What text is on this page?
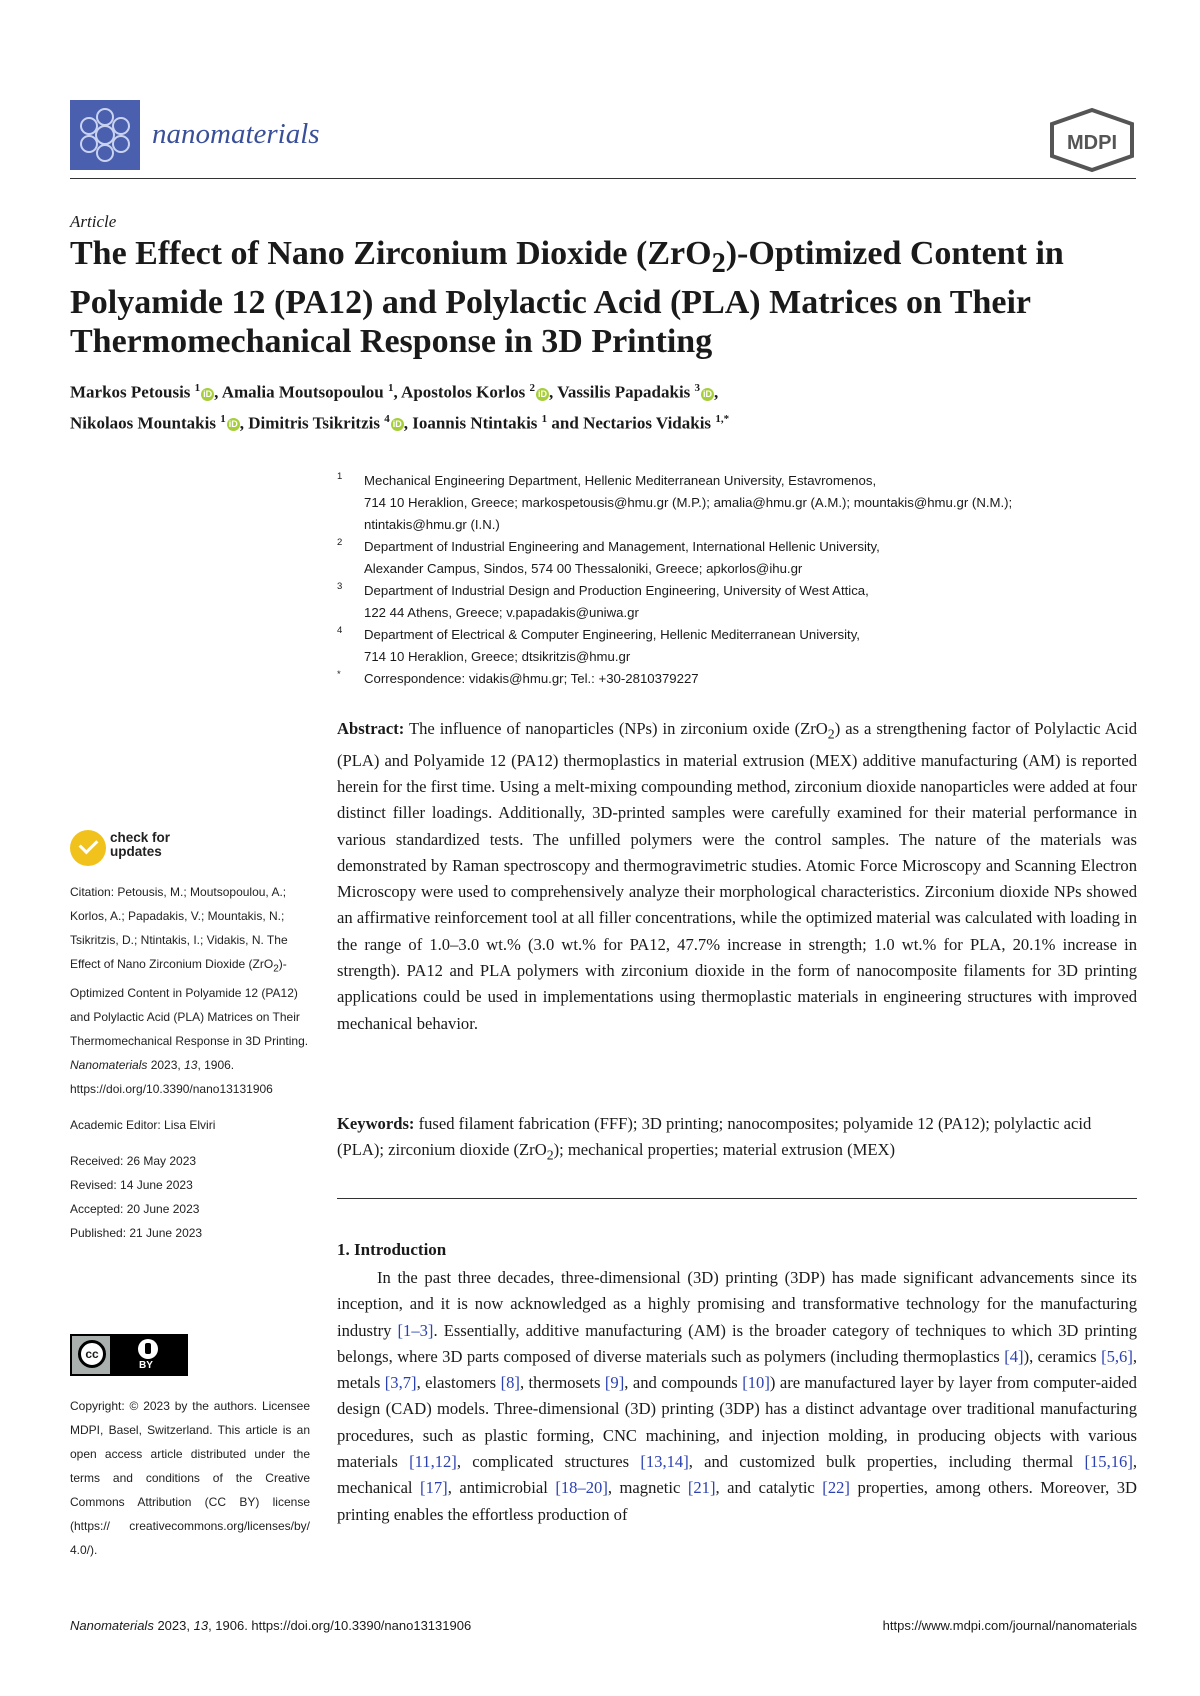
nanomaterials	MDPI
Article
The Effect of Nano Zirconium Dioxide (ZrO$_2$)-Optimized Content in Polyamide 12 (PA12) and Polylactic Acid (PLA) Matrices on Their Thermomechanical Response in 3D Printing
Markos Petousis $^1$ iD , Amalia Moutsopoulou $^1$, Apostolos Korlos $^2$ iD , Vassilis Papadakis $^3$ iD ,
Nikolaos Mountakis $^1$ iD , Dimitris Tsikritzis $^4$ iD , Ioannis Ntintakis $^1$ and Nectarios Vidakis $^{1,*}$
1 Mechanical Engineering Department, Hellenic Mediterranean University, Estavromenos,
714 10 Heraklion, Greece; markospetousis@hmu.gr (M.P.); amalia@hmu.gr (A.M.); mountakis@hmu.gr (N.M.);
ntintakis@hmu.gr (I.N.)
2 Department of Industrial Engineering and Management, International Hellenic University,
Alexander Campus, Sindos, 574 00 Thessaloniki, Greece; apkorlos@ihu.gr
3 Department of Industrial Design and Production Engineering, University of West Attica,
122 44 Athens, Greece; v.papadakis@uniwa.gr
4 Department of Electrical & Computer Engineering, Hellenic Mediterranean University,
714 10 Heraklion, Greece; dtsikritzis@hmu.gr
* Correspondence: vidakis@hmu.gr; Tel.: +30-2810379227
Abstract: The influence of nanoparticles (NPs) in zirconium oxide (ZrO$_2$) as a strengthening factor of Polylactic Acid (PLA) and Polyamide 12 (PA12) thermoplastics in material extrusion (MEX) additive manufacturing (AM) is reported herein for the first time. Using a melt-mixing compounding method, zirconium dioxide nanoparticles were added at four distinct filler loadings. Additionally, 3D-printed samples were carefully examined for their material performance in various standardized tests. The unfilled polymers were the control samples. The nature of the materials was demonstrated by Raman spectroscopy and thermogravimetric studies. Atomic Force Microscopy and Scanning Electron Microscopy were used to comprehensively analyze their morphological characteristics. Zirconium dioxide NPs showed an affirmative reinforcement tool at all filler concentrations, while the optimized material was calculated with loading in the range of 1.0–3.0 wt.% (3.0 wt.% for PA12, 47.7% increase in strength; 1.0 wt.% for PLA, 20.1% increase in strength). PA12 and PLA polymers with zirconium dioxide in the form of nanocomposite filaments for 3D printing applications could be used in implementations using thermoplastic materials in engineering structures with improved mechanical behavior.
Keywords: fused filament fabrication (FFF); 3D printing; nanocomposites; polyamide 12 (PA12); polylactic acid (PLA); zirconium dioxide (ZrO$_2$); mechanical properties; material extrusion (MEX)
check for
updates
Citation: Petousis, M.; Moutsopoulou, A.; Korlos, A.; Papadakis, V.; Mountakis, N.; Tsikritzis, D.; Ntintakis, I.; Vidakis, N. The Effect of Nano Zirconium Dioxide (ZrO$_2$)-Optimized Content in Polyamide 12 (PA12) and Polylactic Acid (PLA) Matrices on Their Thermomechanical Response in 3D Printing. Nanomaterials 2023, 13, 1906. https://doi.org/10.3390/nano13131906
Academic Editor: Lisa Elviri
Received: 26 May 2023
Revised: 14 June 2023
Accepted: 20 June 2023
Published: 21 June 2023
cc
BY
Copyright: © 2023 by the authors. Licensee MDPI, Basel, Switzerland. This article is an open access article distributed under the terms and conditions of the Creative Commons Attribution (CC BY) license (https:// creativecommons.org/licenses/by/ 4.0/).
1. Introduction
In the past three decades, three-dimensional (3D) printing (3DP) has made significant advancements since its inception, and it is now acknowledged as a highly promising and transformative technology for the manufacturing industry [1–3]. Essentially, additive manufacturing (AM) is the broader category of techniques to which 3D printing belongs, where 3D parts composed of diverse materials such as polymers (including thermoplastics [4]), ceramics [5,6], metals [3,7], elastomers [8], thermosets [9], and compounds [10]) are manufactured layer by layer from computer-aided design (CAD) models. Three-dimensional (3D) printing (3DP) has a distinct advantage over traditional manufacturing procedures, such as plastic forming, CNC machining, and injection molding, in producing objects with various materials [11,12], complicated structures [13,14], and customized bulk properties, including thermal [15,16], mechanical [17], antimicrobial [18–20], magnetic [21], and catalytic [22] properties, among others. Moreover, 3D printing enables the effortless production of
Nanomaterials 2023, 13, 1906. https://doi.org/10.3390/nano13131906	https://www.mdpi.com/journal/nanomaterials
